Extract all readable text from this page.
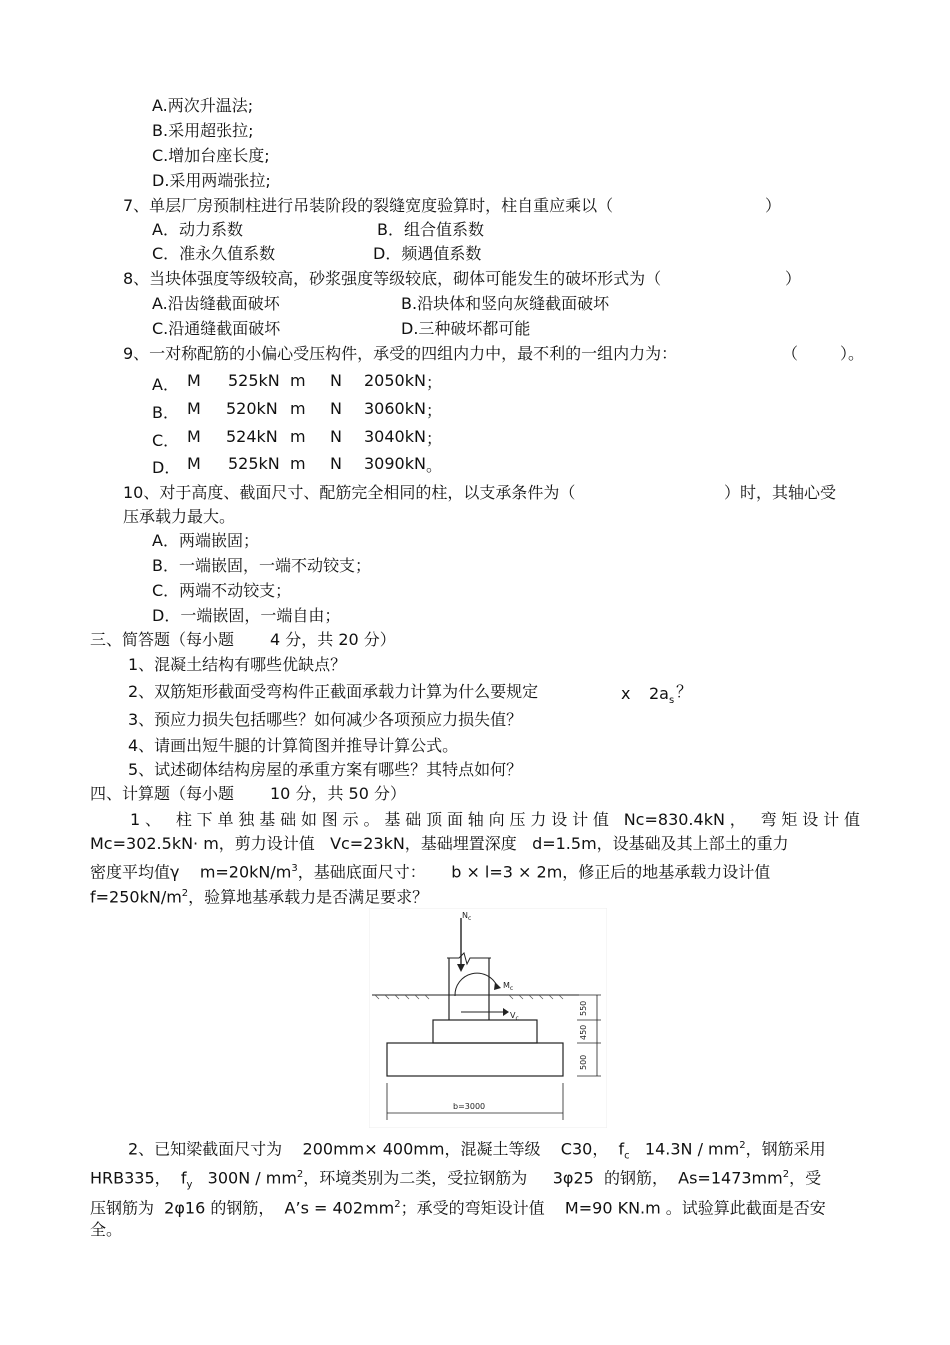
A.两次升温法;
B.采用超张拉;
C.增加台座长度;
D.采用两端张拉;
7、单层厂房预制柱进行吊装阶段的裂缝宽度验算时，柱自重应乘以（	）
A．动力系数	B．组合值系数
C．准永久值系数	D．频遇值系数
8、当块体强度等级较高，砂浆强度等级较底，砌体可能发生的破坏形式为（	）
A.沿齿缝截面破坏	B.沿块体和竖向灰缝截面破坏
C.沿通缝截面破坏	D.三种破坏都可能
9、一对称配筋的小偏心受压构件，承受的四组内力中，最不利的一组内力为：	（	）。
A． M 525kN m N 2050kN ；
B． M 520kN m N 3060kN ；
C． M 524kN m N 3040kN ；
D． M 525kN m N 3090kN 。
10、对于高度、截面尺寸、配筋完全相同的柱，以支承条件为（	）时，其轴心受
压承载力最大。
A．两端嵌固；
B．一端嵌固，一端不动铰支；
C．两端不动铰支；
D．一端嵌固，一端自由；
三、简答题（每小题 4 分，共 20 分）
1、混凝土结构有哪些优缺点？
2、双筋矩形截面受弯构件正截面承载力计算为什么要规定	x 2a s ？
3、预应力损失包括哪些？如何减少各项预应力损失值？
4、请画出短牛腿的计算简图并推导计算公式。
5、试述砌体结构房屋的承重方案有哪些？其特点如何？
四、计算题（每小题 10 分，共 50 分）
1、 柱下单独基础如图示。基础顶面轴向压力设计值 Nc=830.4kN， 弯矩设计值
Mc=302.5kN· m，剪力设计值   Vc=23kN，基础埋置深度   d=1.5m，设基础及其上部土的重力
密度平均值γ    $m=20kN/m^3$，基础底面尺寸：     b × l=3 × 2m，修正后的地基承载力设计值
$f=250kN/m^2$，验算地基承载力是否满足要求？
$N_c$
$M_c$
$V_c$
550
450
500
b=3000
2、已知梁截面尺寸为    200mm× 400mm，混凝土等级    C30，  $f_c$   $14.3N / mm^2$，钢筋采用
HRB335，  $f_y$   $300N / mm^2$，环境类别为二类，受拉钢筋为     3φ25  的钢筋，  $As=1473mm^2$，受
压钢筋为  2φ16 的钢筋，  A’s = $402mm^2$；承受的弯矩设计值    M=90 KN.m 。试验算此截面是否安
全。
